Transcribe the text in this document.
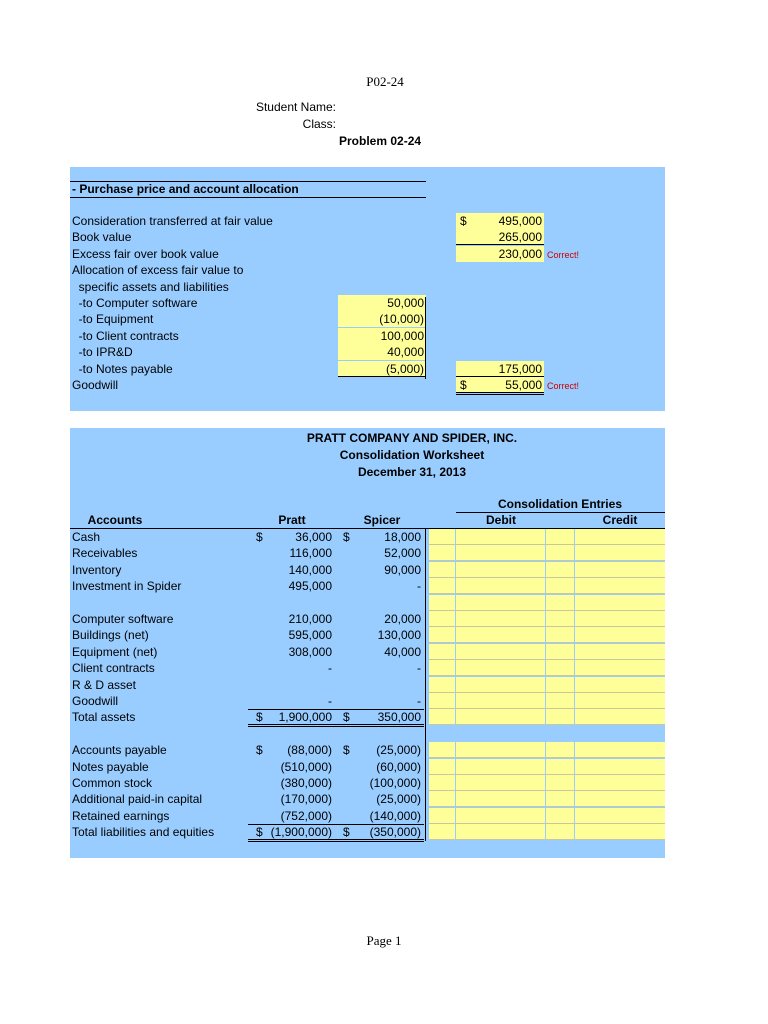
P02-24
Student Name:
Class:
Problem 02-24
- Purchase price and account allocation
Consideration transferred at fair value	495,000
$
Book value	265,000
Excess fair over book value	230,000 Correct!
Allocation of excess fair value to
specific assets and liabilities
-to Computer software	50,000
-to Equipment	(10,000)
-to Client contracts	100,000
-to IPR&D	40,000
-to Notes payable	(5,000)	175,000
Goodwill	55,000
$	Correct!
PRATT COMPANY AND SPIDER, INC.
Consolidation Worksheet
December 31, 2013
Consolidation Entries
Accounts	Pratt	Spicer	Debit	Credit
Cash	$	36,000 $	18,000
Receivables	116,000	52,000
Inventory	140,000	90,000
Investment in Spider	495,000	-
Computer software	210,000	20,000
Buildings (net)	595,000	130,000
Equipment (net)	308,000	40,000
Client contracts	-	-
R & D asset
Goodwill	-	-
Total assets	$	1,900,000 $	350,000
Accounts payable	$	(88,000) $	(25,000)
Notes payable	(510,000)	(60,000)
Common stock	(380,000)	(100,000)
Additional paid-in capital	(170,000)	(25,000)
Retained earnings	(752,000)	(140,000)
Total liabilities and equities	$ (1,900,000) $	(350,000)
Page 1
